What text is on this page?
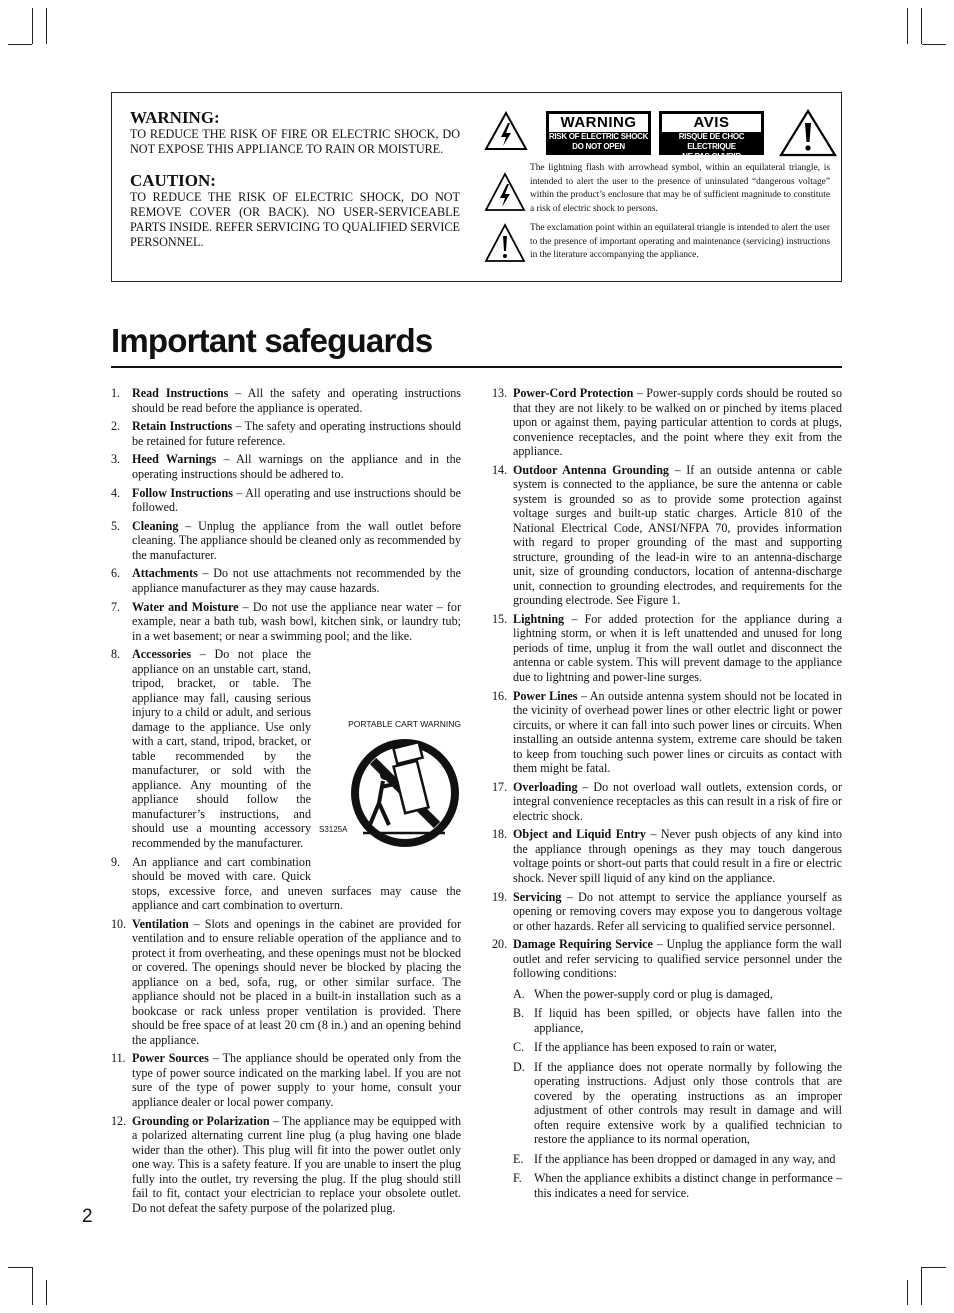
WARNING:

TO REDUCE THE RISK OF FIRE OR ELECTRIC SHOCK, DO NOT EXPOSE THIS APPLIANCE TO RAIN OR MOISTURE.

CAUTION:

TO REDUCE THE RISK OF ELECTRIC SHOCK, DO NOT REMOVE COVER (OR BACK). NO USER-SERVICEABLE PARTS INSIDE. REFER SERVICING TO QUALIFIED SERVICE PERSONNEL.

WARNING
RISK OF ELECTRIC SHOCK
DO NOT OPEN
AVIS
RISQUE DE CHOC ELECTRIQUE
NE PAS OUVRIR
The lightning flash with arrowhead symbol, within an equilateral triangle, is intended to alert the user to the presence of uninsulated “dangerous voltage” within the product’s enclosure that may be of sufficient magnitude to constitute a risk of electric shock to persons.
The exclamation point within an equilateral triangle is intended to alert the user to the presence of important operating and maintenance (servicing) instructions in the literature accompanying the appliance.
Important safeguards
1. Read Instructions – All the safety and operating instructions should be read before the appliance is operated.
2. Retain Instructions – The safety and operating instructions should be retained for future reference.
3. Heed Warnings – All warnings on the appliance and in the operating instructions should be adhered to.
4. Follow Instructions – All operating and use instructions should be followed.
5. Cleaning – Unplug the appliance from the wall outlet before cleaning. The appliance should be cleaned only as recommended by the manufacturer.
6. Attachments – Do not use attachments not recommended by the appliance manufacturer as they may cause hazards.
7. Water and Moisture – Do not use the appliance near water – for example, near a bath tub, wash bowl, kitchen sink, or laundry tub; in a wet basement; or near a swimming pool; and the like.
PORTABLE CART WARNING
S3125A
8. Accessories – Do not place the appliance on an unstable cart, stand, tripod, bracket, or table. The appliance may fall, causing serious injury to a child or adult, and serious damage to the appliance. Use only with a cart, stand, tripod, bracket, or table recommended by the manufacturer, or sold with the appliance. Any mounting of the appliance should follow the manufacturer’s instructions, and should use a mounting accessory recommended by the manufacturer.
9. An appliance and cart combination should be moved with care. Quick stops, excessive force, and uneven surfaces may cause the appliance and cart combination to overturn.
10. Ventilation – Slots and openings in the cabinet are provided for ventilation and to ensure reliable operation of the appliance and to protect it from overheating, and these openings must not be blocked or covered. The openings should never be blocked by placing the appliance on a bed, sofa, rug, or other similar surface. The appliance should not be placed in a built-in installation such as a bookcase or rack unless proper ventilation is provided. There should be free space of at least 20 cm (8 in.) and an opening behind the appliance.
11. Power Sources – The appliance should be operated only from the type of power source indicated on the marking label. If you are not sure of the type of power supply to your home, consult your appliance dealer or local power company.
12. Grounding or Polarization – The appliance may be equipped with a polarized alternating current line plug (a plug having one blade wider than the other). This plug will fit into the power outlet only one way. This is a safety feature. If you are unable to insert the plug fully into the outlet, try reversing the plug. If the plug should still fail to fit, contact your electrician to replace your obsolete outlet. Do not defeat the safety purpose of the polarized plug.
13. Power-Cord Protection – Power-supply cords should be routed so that they are not likely to be walked on or pinched by items placed upon or against them, paying particular attention to cords at plugs, convenience receptacles, and the point where they exit from the appliance.
14. Outdoor Antenna Grounding – If an outside antenna or cable system is connected to the appliance, be sure the antenna or cable system is grounded so as to provide some protection against voltage surges and built-up static charges. Article 810 of the National Electrical Code, ANSI/NFPA 70, provides information with regard to proper grounding of the mast and supporting structure, grounding of the lead-in wire to an antenna-discharge unit, size of grounding conductors, location of antenna-discharge unit, connection to grounding electrodes, and requirements for the grounding electrode. See Figure 1.
15. Lightning – For added protection for the appliance during a lightning storm, or when it is left unattended and unused for long periods of time, unplug it from the wall outlet and disconnect the antenna or cable system. This will prevent damage to the appliance due to lightning and power-line surges.
16. Power Lines – An outside antenna system should not be located in the vicinity of overhead power lines or other electric light or power circuits, or where it can fall into such power lines or circuits. When installing an outside antenna system, extreme care should be taken to keep from touching such power lines or circuits as contact with them might be fatal.
17. Overloading – Do not overload wall outlets, extension cords, or integral convenience receptacles as this can result in a risk of fire or electric shock.
18. Object and Liquid Entry – Never push objects of any kind into the appliance through openings as they may touch dangerous voltage points or short-out parts that could result in a fire or electric shock. Never spill liquid of any kind on the appliance.
19. Servicing – Do not attempt to service the appliance yourself as opening or removing covers may expose you to dangerous voltage or other hazards. Refer all servicing to qualified service personnel.
20. Damage Requiring Service – Unplug the appliance form the wall outlet and refer servicing to qualified service personnel under the following conditions:
A. When the power-supply cord or plug is damaged,
B. If liquid has been spilled, or objects have fallen into the appliance,
C. If the appliance has been exposed to rain or water,
D. If the appliance does not operate normally by following the operating instructions. Adjust only those controls that are covered by the operating instructions as an improper adjustment of other controls may result in damage and will often require extensive work by a qualified technician to restore the appliance to its normal operation,
E. If the appliance has been dropped or damaged in any way, and
F. When the appliance exhibits a distinct change in performance – this indicates a need for service.
2
